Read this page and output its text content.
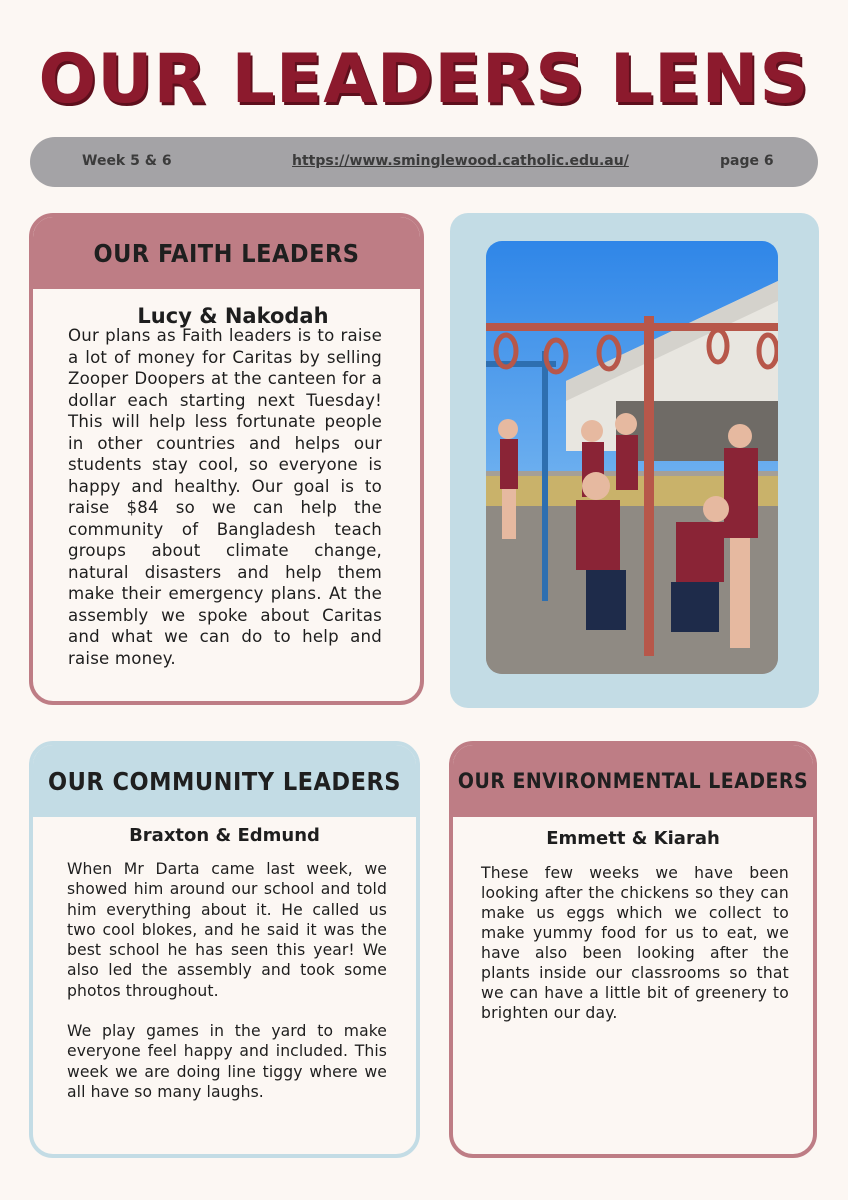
OUR LEADERS LENS
Week 5 & 6	https://www.sminglewood.catholic.edu.au/	page 6
OUR FAITH LEADERS
Lucy & Nakodah
Our plans as Faith leaders is to raise a lot of money for Caritas by selling Zooper Doopers at the canteen for a dollar each starting next Tuesday! This will help less fortunate people in other countries and helps our students stay cool, so everyone is happy and healthy. Our goal is to raise $84 so we can help the community of Bangladesh teach groups about climate change, natural disasters and help them make their emergency plans. At the assembly we spoke about Caritas and what we can do to help and raise money.
OUR COMMUNITY LEADERS
Braxton & Edmund
When Mr Darta came last week, we showed him around our school and told him everything about it. He called us two cool blokes, and he said it was the best school he has seen this year! We also led the assembly and took some photos throughout.
We play games in the yard to make everyone feel happy and included. This week we are doing line tiggy where we all have so many laughs.
OUR ENVIRONMENTAL LEADERS
Emmett & Kiarah
These few weeks we have been looking after the chickens so they can make us eggs which we collect to make yummy food for us to eat, we have also been looking after the plants inside our classrooms so that we can have a little bit of greenery to brighten our day.
